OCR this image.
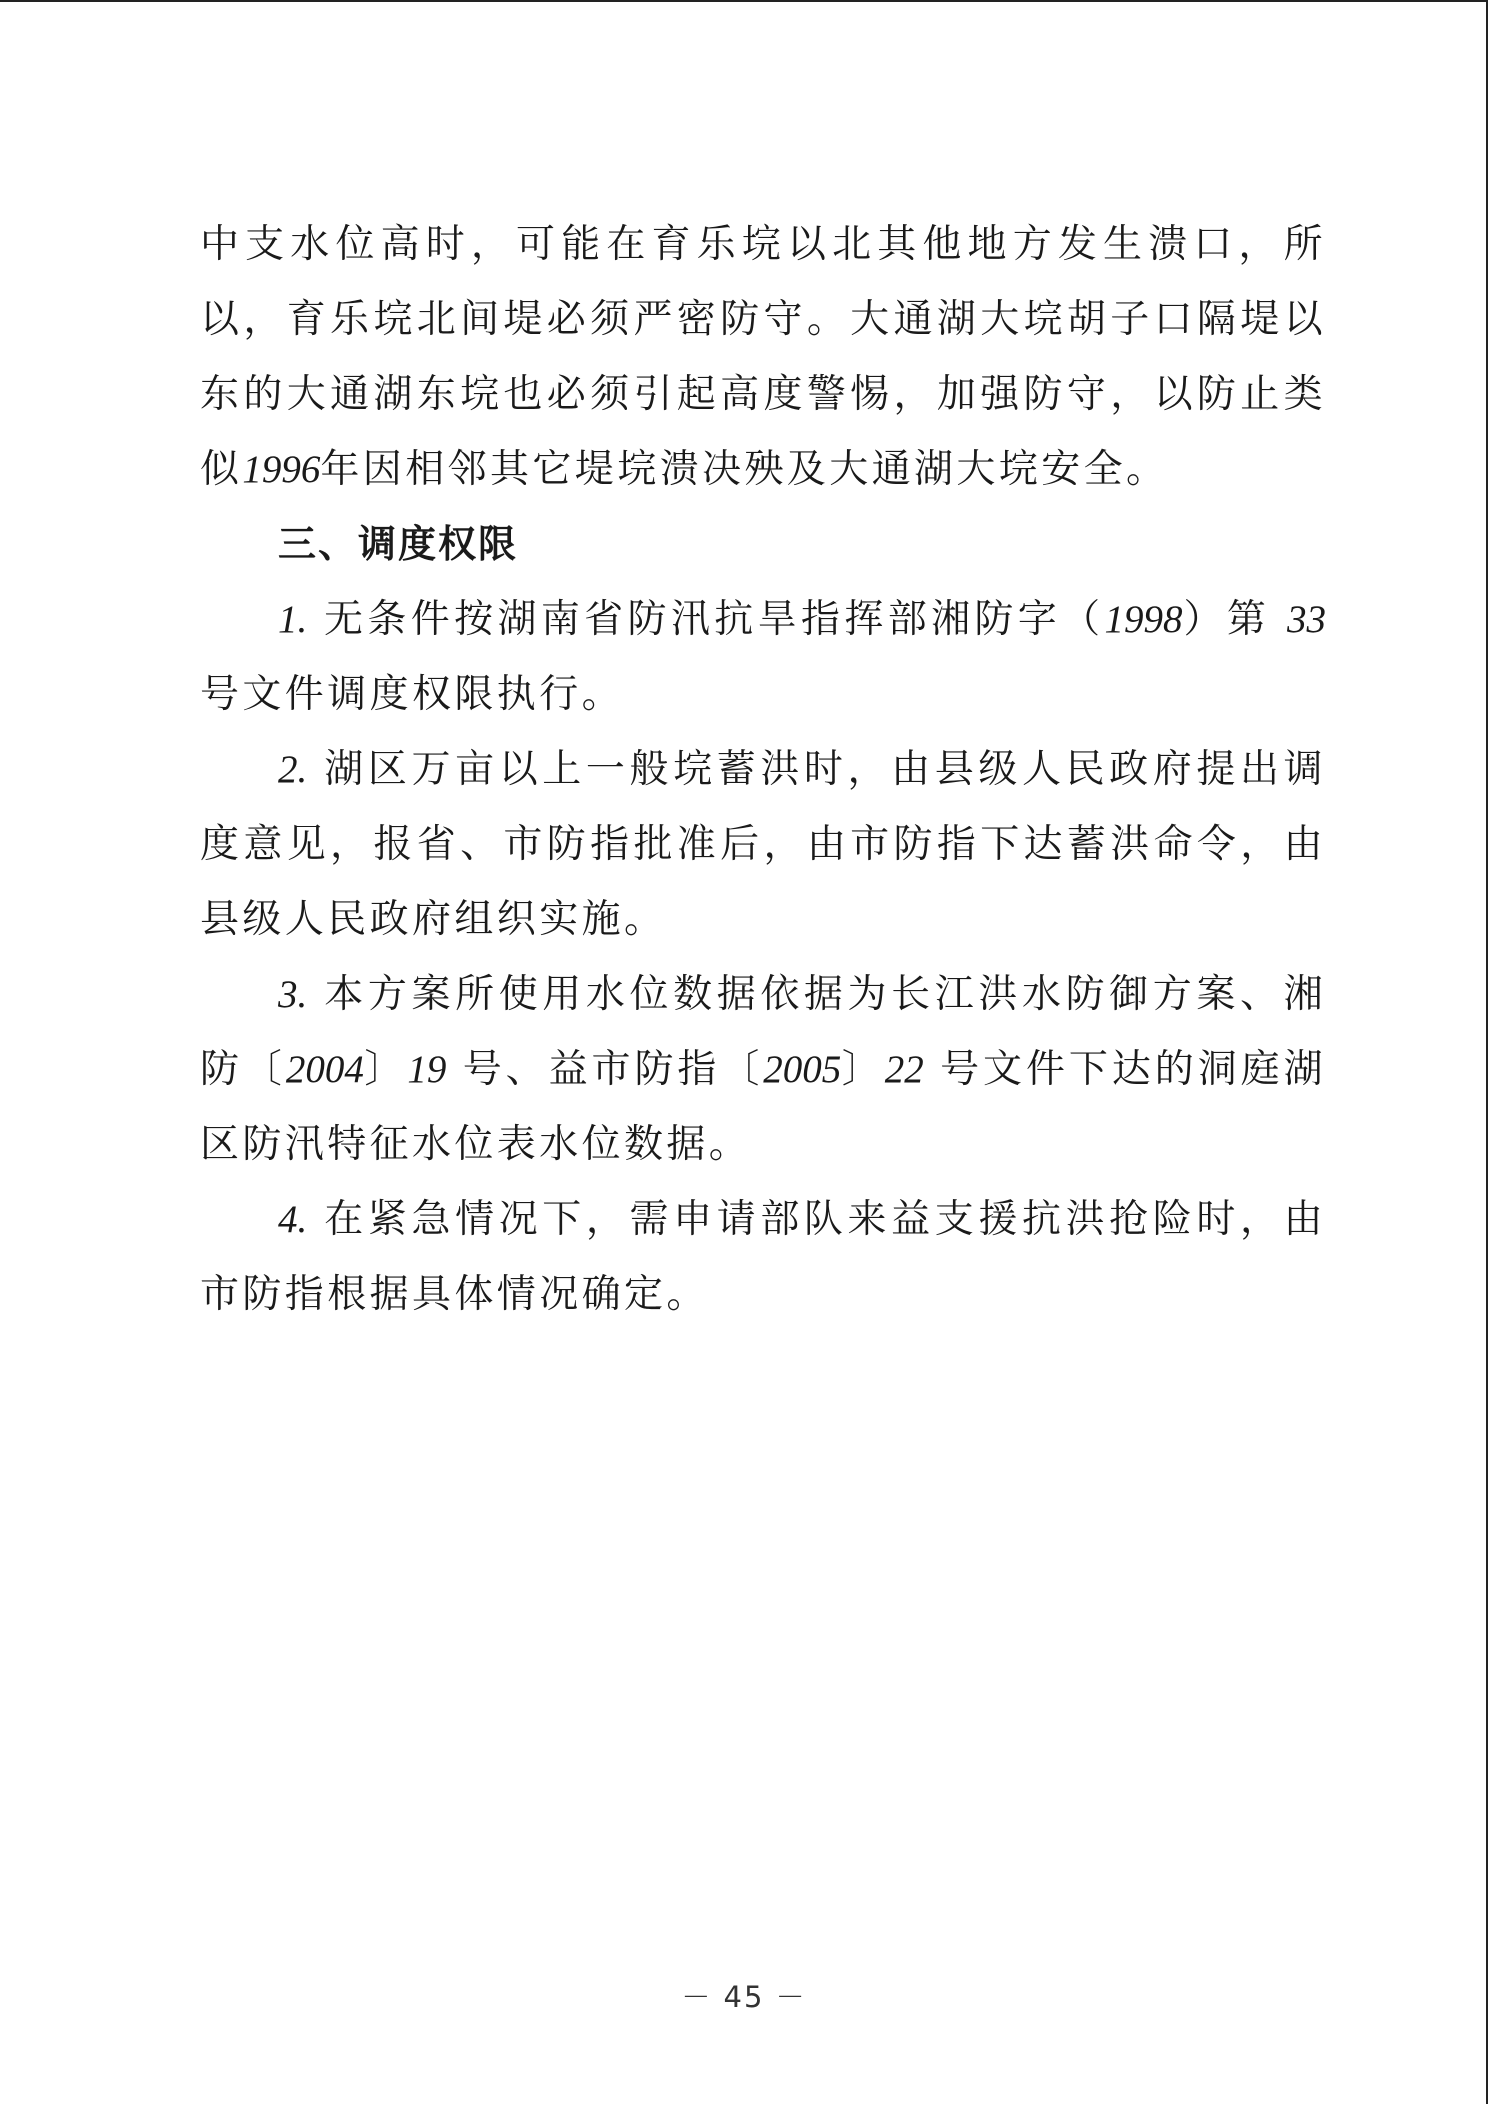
中支水位高时，可能在育乐垸以北其他地方发生溃口，所以，育乐垸北间堤必须严密防守。大通湖大垸胡子口隔堤以东的大通湖东垸也必须引起高度警惕，加强防守，以防止类似1996年因相邻其它堤垸溃决殃及大通湖大垸安全。

三、调度权限

1. 无条件按湖南省防汛抗旱指挥部湘防字（1998）第 33 号文件调度权限执行。

2. 湖区万亩以上一般垸蓄洪时，由县级人民政府提出调度意见，报省、市防指批准后，由市防指下达蓄洪命令，由县级人民政府组织实施。

3. 本方案所使用水位数据依据为长江洪水防御方案、湘防〔2004〕19 号、益市防指〔2005〕22 号文件下达的洞庭湖区防汛特征水位表水位数据。

4. 在紧急情况下，需申请部队来益支援抗洪抢险时，由市防指根据具体情况确定。

－ 45 －
